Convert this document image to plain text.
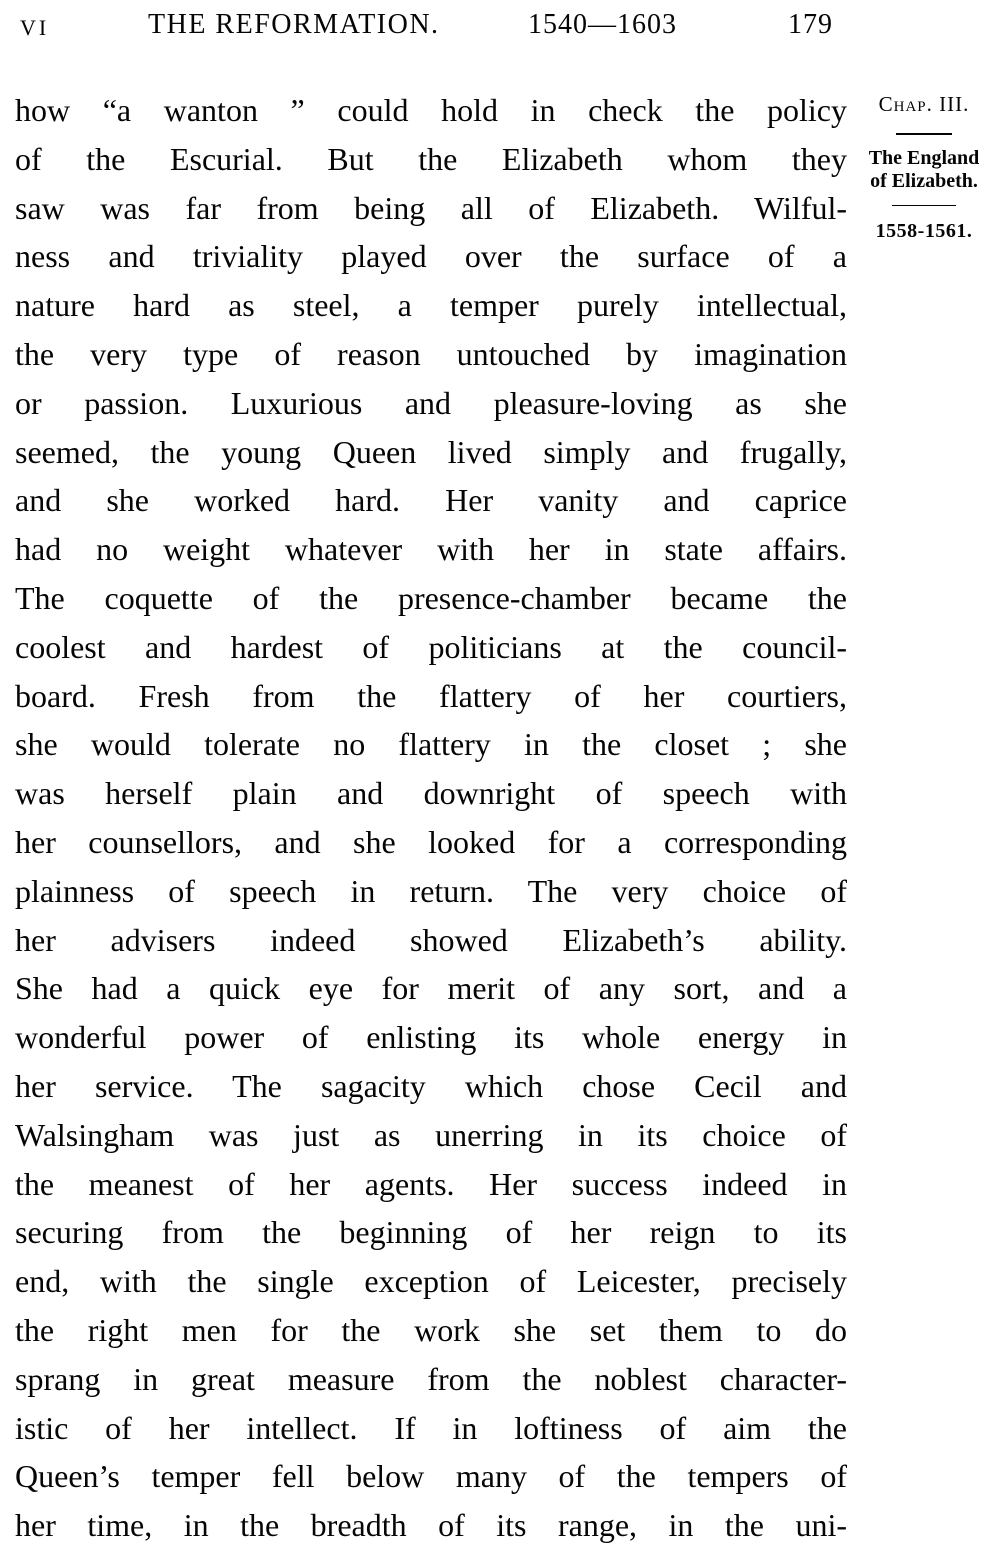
VI	THE REFORMATION.	1540—1603	179
how “a wanton ” could hold in check the policy
of the Escurial. But the Elizabeth whom they
saw was far from being all of Elizabeth. Wilful-
ness and triviality played over the surface of a
nature hard as steel, a temper purely intellectual,
the very type of reason untouched by imagination
or passion. Luxurious and pleasure-loving as she
seemed, the young Queen lived simply and frugally,
and she worked hard. Her vanity and caprice
had no weight whatever with her in state affairs.
The coquette of the presence-chamber became the
coolest and hardest of politicians at the council-
board. Fresh from the flattery of her courtiers,
she would tolerate no flattery in the closet ; she
was herself plain and downright of speech with
her counsellors, and she looked for a corresponding
plainness of speech in return. The very choice of
her advisers indeed showed Elizabeth’s ability.
She had a quick eye for merit of any sort, and a
wonderful power of enlisting its whole energy in
her service. The sagacity which chose Cecil and
Walsingham was just as unerring in its choice of
the meanest of her agents. Her success indeed in
securing from the beginning of her reign to its
end, with the single exception of Leicester, precisely
the right men for the work she set them to do
sprang in great measure from the noblest character-
istic of her intellect. If in loftiness of aim the
Queen’s temper fell below many of the tempers of
her time, in the breadth of its range, in the uni-
Chap. III.
The England of Elizabeth.
1558-1561.
